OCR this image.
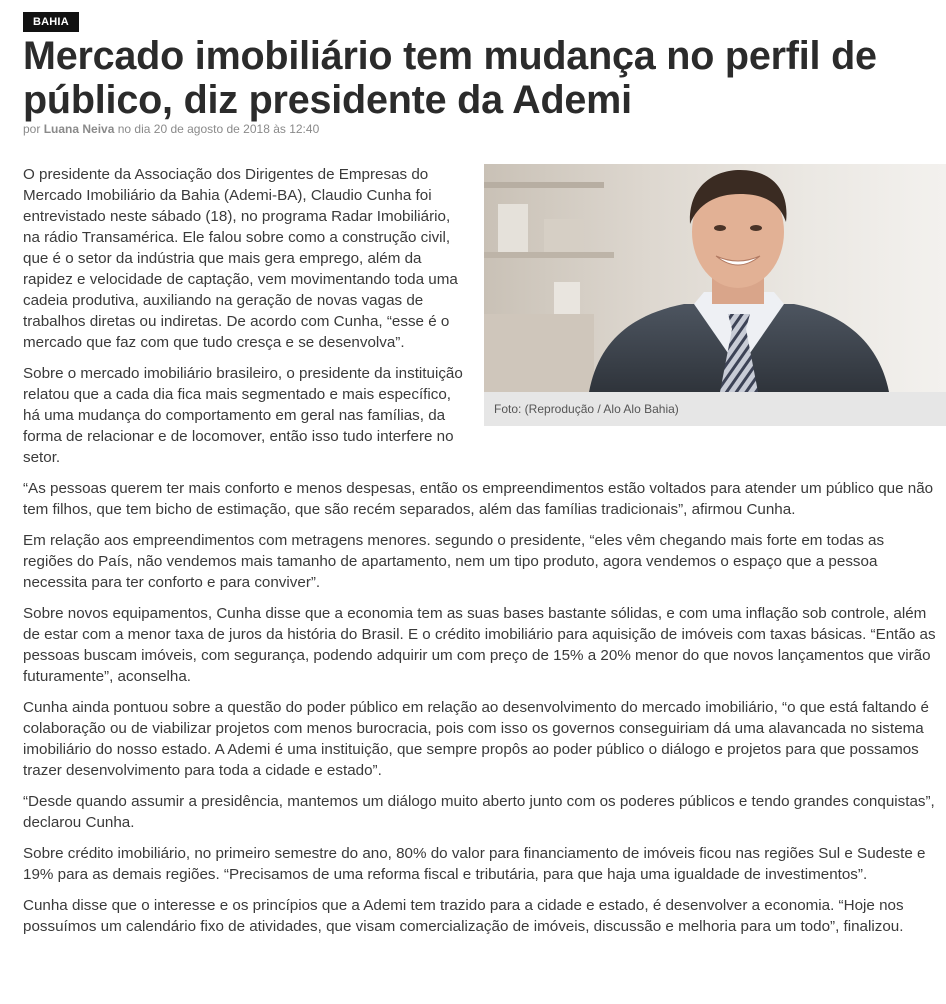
BAHIA
Mercado imobiliário tem mudança no perfil de público, diz presidente da Ademi

por Luana Neiva no dia 20 de agosto de 2018 às 12:40

Foto: (Reprodução / Alo Alo Bahia)

O presidente da Associação dos Dirigentes de Empresas do Mercado Imobiliário da Bahia (Ademi-BA), Claudio Cunha foi entrevistado neste sábado (18), no programa Radar Imobiliário, na rádio Transamérica. Ele falou sobre como a construção civil, que é o setor da indústria que mais gera emprego, além da rapidez e velocidade de captação, vem movimentando toda uma cadeia produtiva, auxiliando na geração de novas vagas de trabalhos diretas ou indiretas. De acordo com Cunha, “esse é o mercado que faz com que tudo cresça e se desenvolva”.

Sobre o mercado imobiliário brasileiro, o presidente da instituição relatou que a cada dia fica mais segmentado e mais específico, há uma mudança do comportamento em geral nas famílias, da forma de relacionar e de locomover, então isso tudo interfere no setor.

“As pessoas querem ter mais conforto e menos despesas, então os empreendimentos estão voltados para atender um público que não tem filhos, que tem bicho de estimação, que são recém separados, além das famílias tradicionais”, afirmou Cunha.

Em relação aos empreendimentos com metragens menores. segundo o presidente, “eles vêm chegando mais forte em todas as regiões do País, não vendemos mais tamanho de apartamento, nem um tipo produto, agora vendemos o espaço que a pessoa necessita para ter conforto e para conviver”.

Sobre novos equipamentos, Cunha disse que a economia tem as suas bases bastante sólidas, e com uma inflação sob controle, além de estar com a menor taxa de juros da história do Brasil. E o crédito imobiliário para aquisição de imóveis com taxas básicas. “Então as pessoas buscam imóveis, com segurança, podendo adquirir um com preço de 15% a 20% menor do que novos lançamentos que virão futuramente”, aconselha.

Cunha ainda pontuou sobre a questão do poder público em relação ao desenvolvimento do mercado imobiliário, “o que está faltando é colaboração ou de viabilizar projetos com menos burocracia, pois com isso os governos conseguiriam dá uma alavancada no sistema imobiliário do nosso estado. A Ademi é uma instituição, que sempre propôs ao poder público o diálogo e projetos para que possamos trazer desenvolvimento para toda a cidade e estado”.

“Desde quando assumir a presidência, mantemos um diálogo muito aberto junto com os poderes públicos e tendo grandes conquistas”, declarou Cunha.

Sobre crédito imobiliário, no primeiro semestre do ano, 80% do valor para financiamento de imóveis ficou nas regiões Sul e Sudeste e 19% para as demais regiões. “Precisamos de uma reforma fiscal e tributária, para que haja uma igualdade de investimentos”.

Cunha disse que o interesse e os princípios que a Ademi tem trazido para a cidade e estado, é desenvolver a economia. “Hoje nos possuímos um calendário fixo de atividades, que visam comercialização de imóveis, discussão e melhoria para um todo”, finalizou.
